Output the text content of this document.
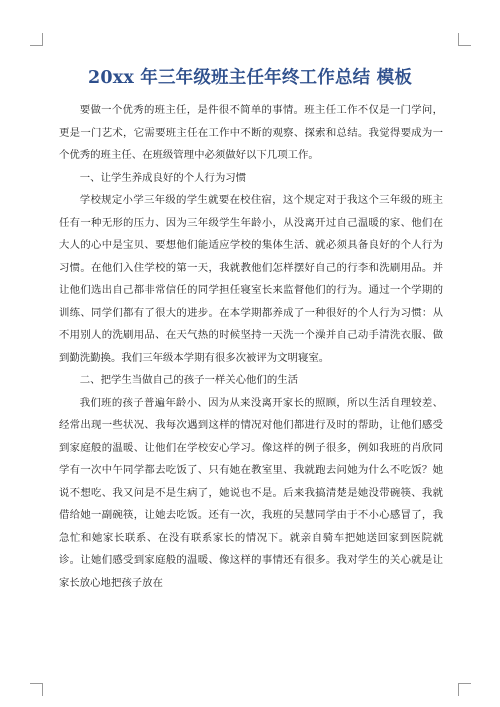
20xx 年三年级班主任年终工作总结 模板

要做一个优秀的班主任，是件很不简单的事情。班主任工作不仅是一门学问，更是一门艺术，它需要班主任在工作中不断的观察、探索和总结。我觉得要成为一个优秀的班主任、在班级管理中必须做好以下几项工作。

一、让学生养成良好的个人行为习惯

学校规定小学三年级的学生就要在校住宿，这个规定对于我这个三年级的班主任有一种无形的压力、因为三年级学生年龄小，从没离开过自己温暖的家、他们在大人的心中是宝贝、要想他们能适应学校的集体生活、就必须具备良好的个人行为习惯。在他们入住学校的第一天，我就教他们怎样摆好自己的行李和洗刷用品。并让他们选出自己都非常信任的同学担任寝室长来监督他们的行为。通过一个学期的训练、同学们都有了很大的进步。在本学期都养成了一种很好的个人行为习惯：从不用别人的洗刷用品、在天气热的时候坚持一天洗一个澡并自己动手清洗衣服、做到勤洗勤换。我们三年级本学期有很多次被评为文明寝室。

二、把学生当做自己的孩子一样关心他们的生活

我们班的孩子普遍年龄小、因为从来没离开家长的照顾，所以生活自理较差、经常出现一些状况、我每次遇到这样的情况对他们都进行及时的帮助，让他们感受到家庭般的温暖、让他们在学校安心学习。像这样的例子很多，例如我班的肖欣同学有一次中午同学都去吃饭了、只有她在教室里、我就跑去问她为什么不吃饭？她说不想吃、我又问是不是生病了，她说也不是。后来我搞清楚是她没带碗筷、我就借给她一副碗筷，让她去吃饭。还有一次，我班的吴慧同学由于不小心感冒了，我急忙和她家长联系、在没有联系家长的情况下。就亲自骑车把她送回家到医院就诊。让她们感受到家庭般的温暖、像这样的事情还有很多。我对学生的关心就是让家长放心地把孩子放在
